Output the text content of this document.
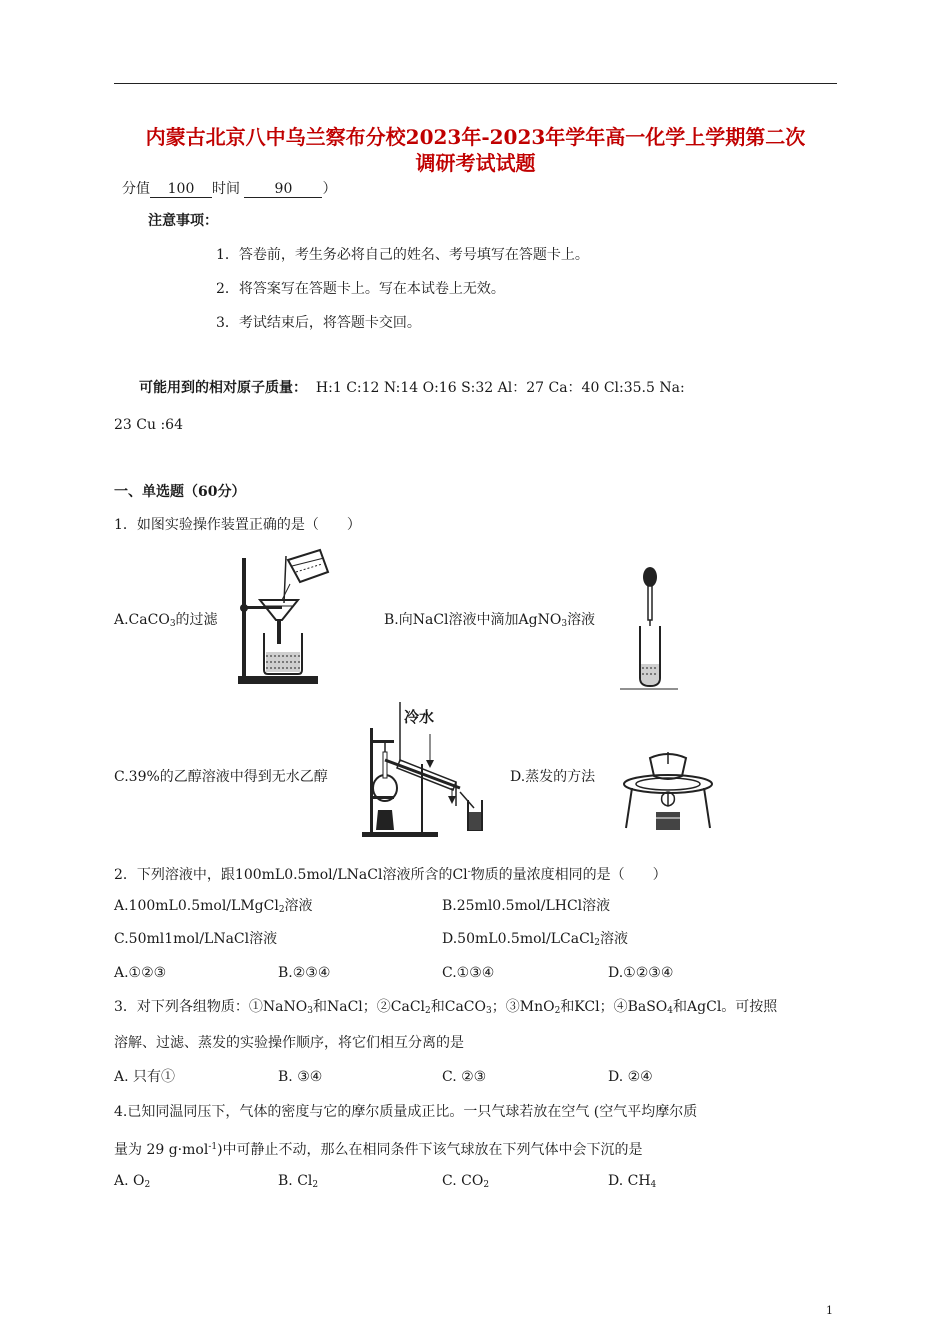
内蒙古北京八中乌兰察布分校2023年-2023年学年高一化学上学期第二次
调研考试试题
分值 100 时间 90 ）
注意事项：
1．答卷前，考生务必将自己的姓名、考号填写在答题卡上。
2．将答案写在答题卡上。写在本试卷上无效。
3．考试结束后，将答题卡交回。
可能用到的相对原子质量： H:1 C:12 N:14 O:16 S:32 Al：27 Ca：40 Cl:35.5 Na:
23 Cu :64
一、单选题（60分）
1．如图实验操作装置正确的是（　　）
A.CaCO$_3$的过滤	B.向NaCl溶液中滴加AgNO$_3$溶液
C.39%的乙醇溶液中得到无水乙醇
冷水
D.蒸发的方法
2．下列溶液中，跟100mL0.5mol/LNaCl溶液所含的Cl-物质的量浓度相同的是（　　）
A.100mL0.5mol/LMgCl$_2$溶液	B.25ml0.5mol/LHCl溶液
C.50ml1mol/LNaCl溶液	D.50mL0.5mol/LCaCl$_2$溶液
A.①②③	B.②③④	C.①③④	D.①②③④
3．对下列各组物质：①NaNO$_3$和NaCl；②CaCl$_2$和CaCO$_3$；③MnO$_2$和KCl；④BaSO$_4$和AgCl。可按照
溶解、过滤、蒸发的实验操作顺序，将它们相互分离的是
A. 只有①	B. ③④	C. ②③	D. ②④
4.已知同温同压下，气体的密度与它的摩尔质量成正比。一只气球若放在空气 (空气平均摩尔质
量为 29 g·mol$^{-1}$)中可静止不动，那么在相同条件下该气球放在下列气体中会下沉的是
A. $O_2$	B. $Cl_2$	C. $CO_2$	D. $CH_4$
1
